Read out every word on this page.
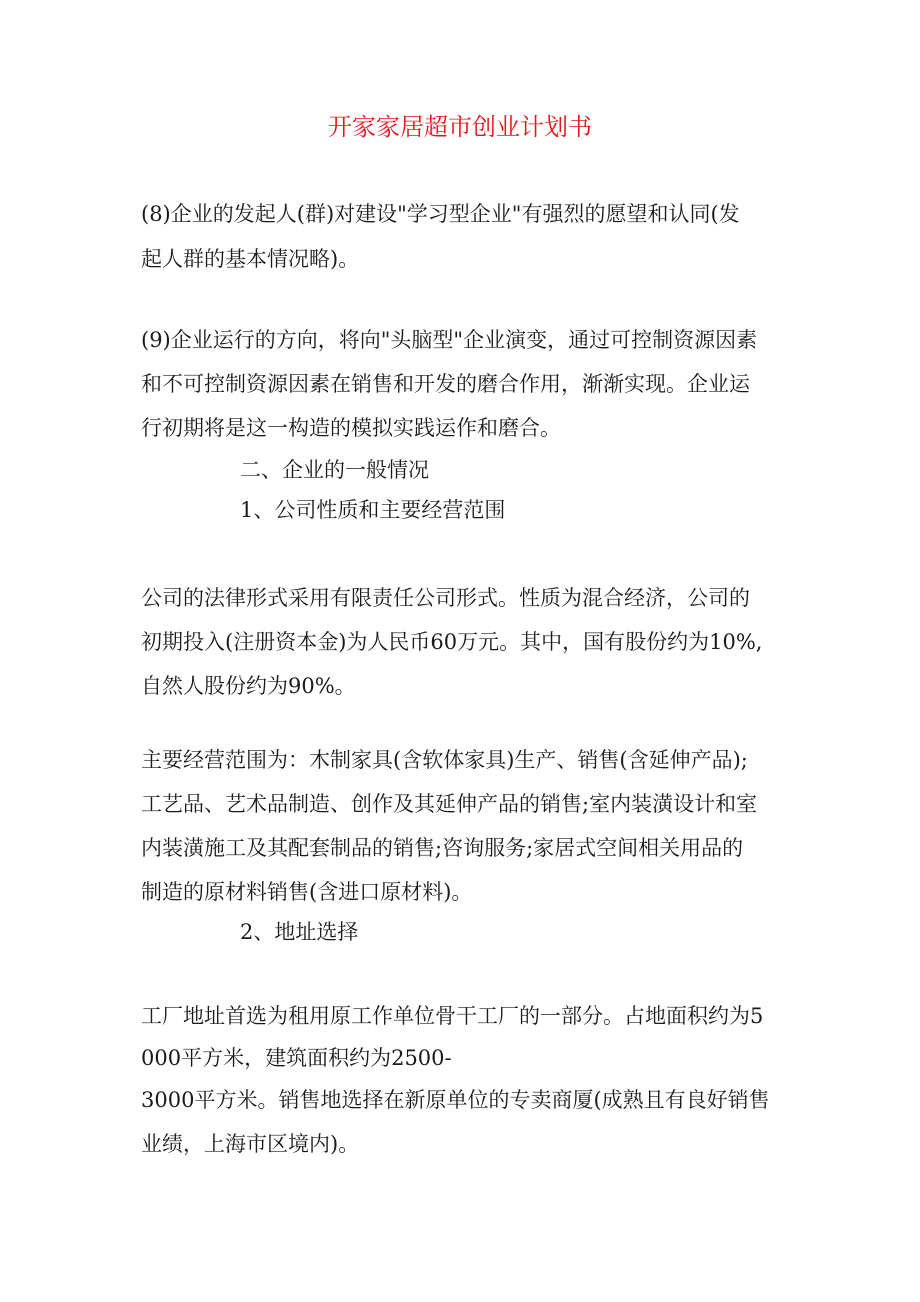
开家家居超市创业计划书
(8)企业的发起人(群)对建设"学习型企业"有强烈的愿望和认同(发
起人群的基本情况略)。
(9)企业运行的方向，将向"头脑型"企业演变，通过可控制资源因素
和不可控制资源因素在销售和开发的磨合作用，渐渐实现。企业运
行初期将是这一构造的模拟实践运作和磨合。
二、企业的一般情况
1、公司性质和主要经营范围
公司的法律形式采用有限责任公司形式。性质为混合经济，公司的
初期投入(注册资本金)为人民币60万元。其中，国有股份约为10%,
自然人股份约为90%。
主要经营范围为：木制家具(含软体家具)生产、销售(含延伸产品);
工艺品、艺术品制造、创作及其延伸产品的销售;室内装潢设计和室
内装潢施工及其配套制品的销售;咨询服务;家居式空间相关用品的
制造的原材料销售(含进口原材料)。
2、地址选择
工厂地址首选为租用原工作单位骨干工厂的一部分。占地面积约为5
000平方米，建筑面积约为2500-
3000平方米。销售地选择在新原单位的专卖商厦(成熟且有良好销售
业绩，上海市区境内)。
